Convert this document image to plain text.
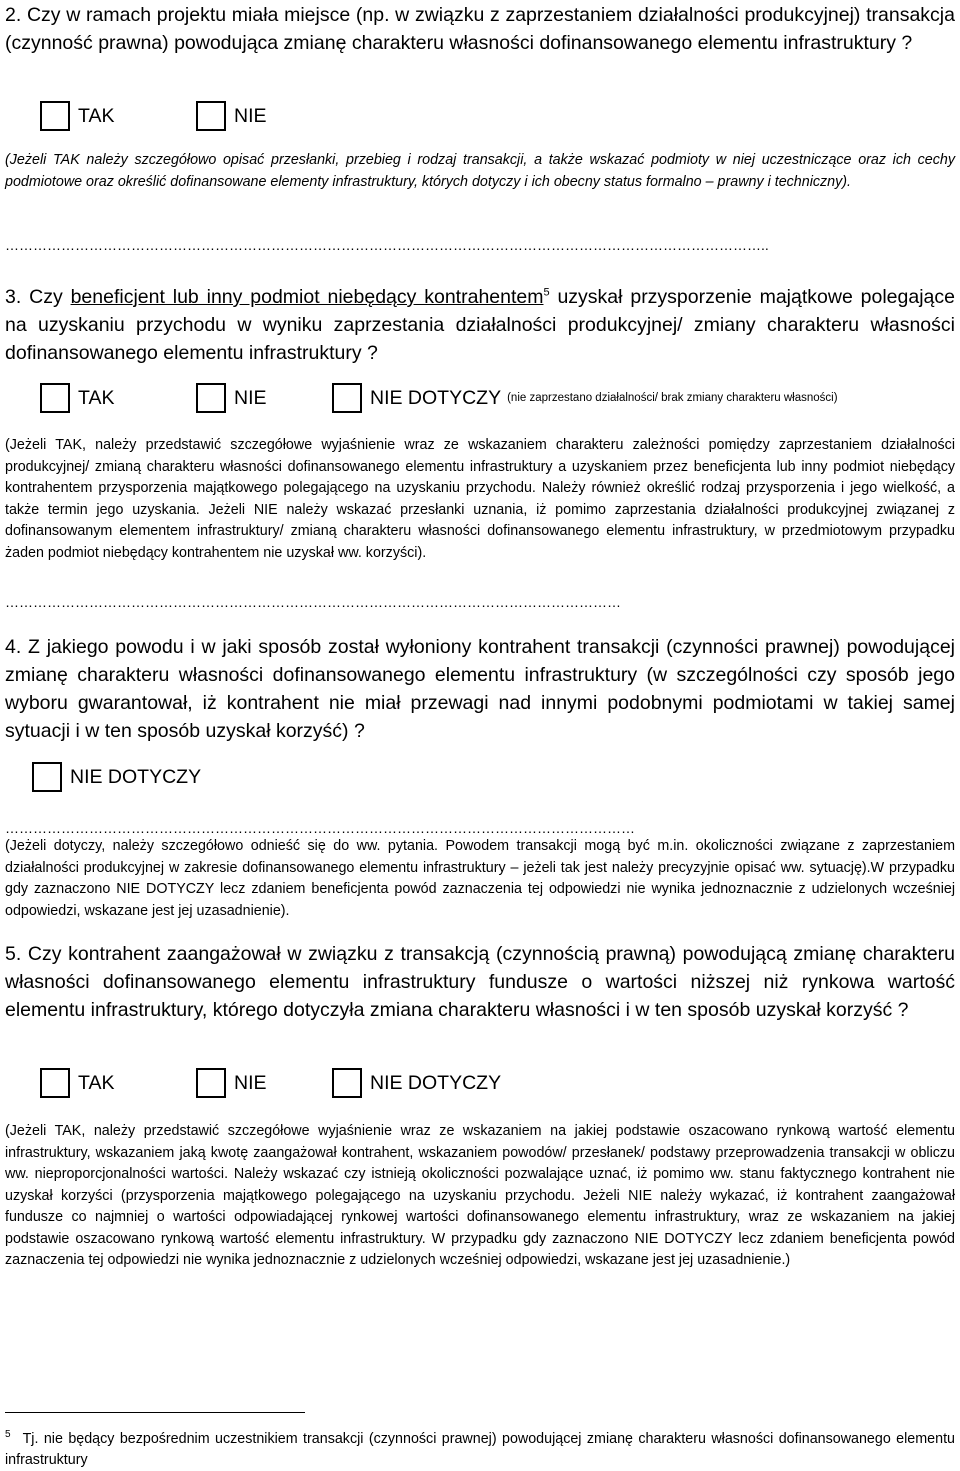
2. Czy w ramach projektu miała miejsce (np. w związku z zaprzestaniem działalności produkcyjnej) transakcja (czynność prawna) powodująca zmianę charakteru własności dofinansowanego elementu infrastruktury ?
TAK	NIE
(Jeżeli TAK należy szczegółowo opisać przesłanki, przebieg i rodzaj transakcji, a także wskazać podmioty w niej uczestniczące oraz ich cechy podmiotowe oraz określić dofinansowane elementy infrastruktury, których dotyczy i ich obecny status formalno – prawny i techniczny).
………………………………………………………………………………………………………………………………………………..
3. Czy beneficjent lub inny podmiot niebędący kontrahentem$^5$ uzyskał przysporzenie majątkowe polegające na uzyskaniu przychodu w wyniku zaprzestania działalności produkcyjnej/ zmiany charakteru własności dofinansowanego elementu infrastruktury ?
TAK	NIE	NIE DOTYCZY (nie zaprzestano działalności/ brak zmiany charakteru własności)
(Jeżeli TAK, należy przedstawić szczegółowe wyjaśnienie wraz ze wskazaniem charakteru zależności pomiędzy zaprzestaniem działalności produkcyjnej/ zmianą charakteru własności dofinansowanego elementu infrastruktury a uzyskaniem przez beneficjenta lub inny podmiot niebędący kontrahentem przysporzenia majątkowego polegającego na uzyskaniu przychodu. Należy również określić rodzaj przysporzenia i jego wielkość, a także termin jego uzyskania. Jeżeli NIE należy wskazać przesłanki uznania, iż pomimo zaprzestania działalności produkcyjnej związanej z dofinansowanym elementem infrastruktury/ zmianą charakteru własności dofinansowanego elementu infrastruktury, w przedmiotowym przypadku żaden podmiot niebędący kontrahentem nie uzyskał ww. korzyści).
……………………………………………………………………………………………………………………
4. Z jakiego powodu i w jaki sposób został wyłoniony kontrahent transakcji (czynności prawnej) powodującej zmianę charakteru własności dofinansowanego elementu infrastruktury (w szczególności czy sposób jego wyboru gwarantował, iż kontrahent nie miał przewagi nad innymi podobnymi podmiotami w takiej samej sytuacji i w ten sposób uzyskał korzyść) ?
NIE DOTYCZY
………………………………………………………………………………………………………………………
(Jeżeli dotyczy, należy szczegółowo odnieść się do ww. pytania. Powodem transakcji mogą być m.in. okoliczności związane z zaprzestaniem działalności produkcyjnej w zakresie dofinansowanego elementu infrastruktury – jeżeli tak jest należy precyzyjnie opisać ww. sytuację).W przypadku gdy zaznaczono NIE DOTYCZY lecz zdaniem beneficjenta powód zaznaczenia tej odpowiedzi nie wynika jednoznacznie z udzielonych wcześniej odpowiedzi, wskazane jest jej uzasadnienie).
5. Czy kontrahent zaangażował w związku z transakcją (czynnością prawną) powodującą zmianę charakteru własności dofinansowanego elementu infrastruktury fundusze o wartości niższej niż rynkowa wartość elementu infrastruktury, którego dotyczyła zmiana charakteru własności i w ten sposób uzyskał korzyść ?
TAK	NIE	NIE DOTYCZY
(Jeżeli TAK, należy przedstawić szczegółowe wyjaśnienie wraz ze wskazaniem na jakiej podstawie oszacowano rynkową wartość elementu infrastruktury, wskazaniem jaką kwotę zaangażował kontrahent, wskazaniem powodów/ przesłanek/ podstawy przeprowadzenia transakcji w obliczu ww. nieproporcjonalności wartości. Należy wskazać czy istnieją okoliczności pozwalające uznać, iż pomimo ww. stanu faktycznego kontrahent nie uzyskał korzyści (przysporzenia majątkowego polegającego na uzyskaniu przychodu. Jeżeli NIE należy wykazać, iż kontrahent zaangażował fundusze co najmniej o wartości odpowiadającej rynkowej wartości dofinansowanego elementu infrastruktury, wraz ze wskazaniem na jakiej podstawie oszacowano rynkową wartość elementu infrastruktury. W przypadku gdy zaznaczono NIE DOTYCZY lecz zdaniem beneficjenta powód zaznaczenia tej odpowiedzi nie wynika jednoznacznie z udzielonych wcześniej odpowiedzi, wskazane jest jej uzasadnienie.)
$^5$ Tj. nie będący bezpośrednim uczestnikiem transakcji (czynności prawnej) powodującej zmianę charakteru własności dofinansowanego elementu infrastruktury
